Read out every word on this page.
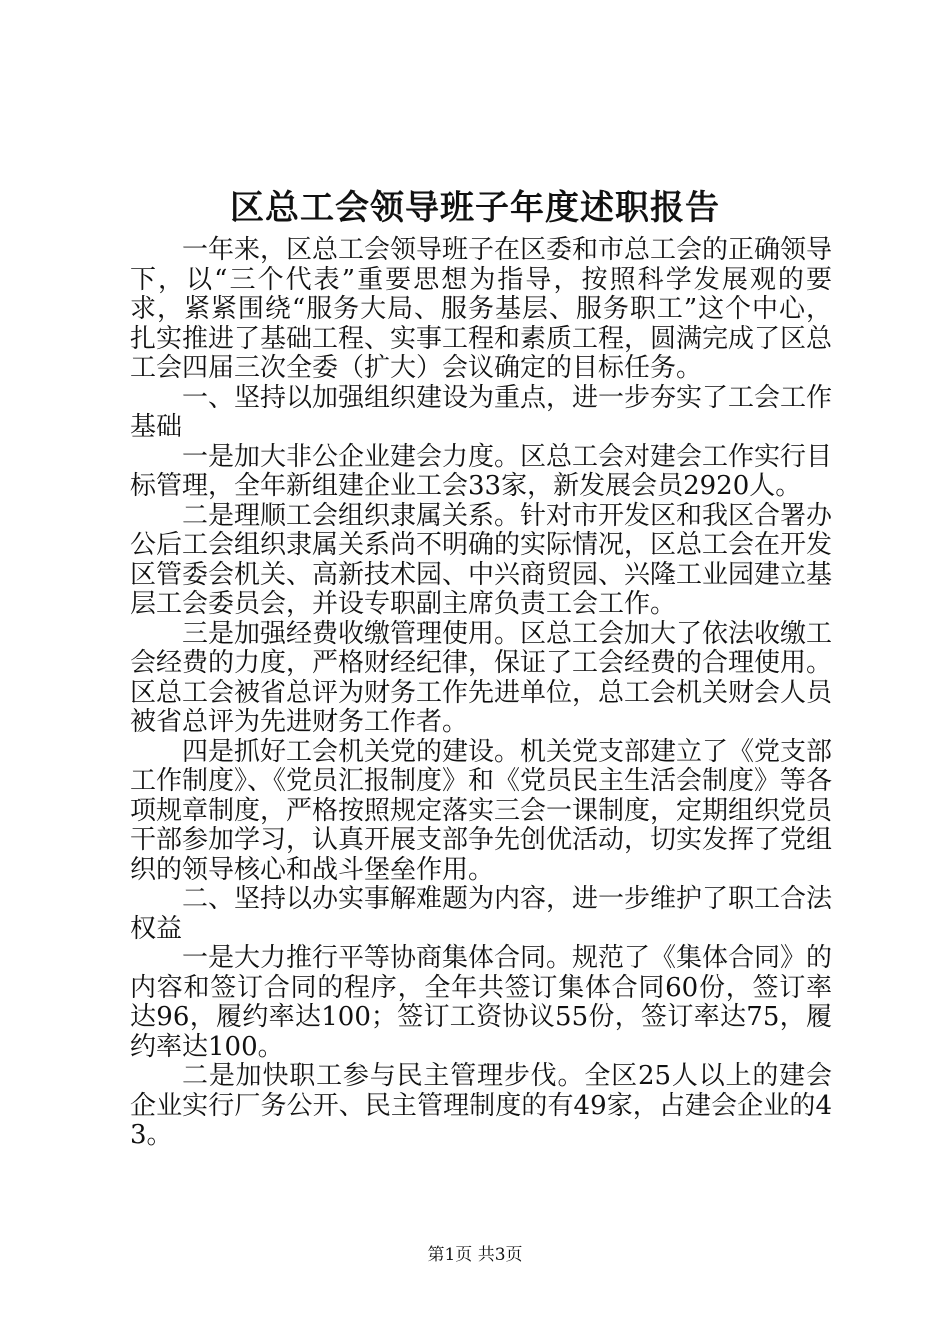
区总工会领导班子年度述职报告

一年来，区总工会领导班子在区委和市总工会的正确领导下，以“三个代表”重要思想为指导，按照科学发展观的要求，紧紧围绕“服务大局、服务基层、服务职工”这个中心，扎实推进了基础工程、实事工程和素质工程，圆满完成了区总工会四届三次全委（扩大）会议确定的目标任务。

一、坚持以加强组织建设为重点，进一步夯实了工会工作基础

一是加大非公企业建会力度。区总工会对建会工作实行目标管理，全年新组建企业工会33家，新发展会员2920人。

二是理顺工会组织隶属关系。针对市开发区和我区合署办公后工会组织隶属关系尚不明确的实际情况，区总工会在开发区管委会机关、高新技术园、中兴商贸园、兴隆工业园建立基层工会委员会，并设专职副主席负责工会工作。

三是加强经费收缴管理使用。区总工会加大了依法收缴工会经费的力度，严格财经纪律，保证了工会经费的合理使用。区总工会被省总评为财务工作先进单位，总工会机关财会人员被省总评为先进财务工作者。

四是抓好工会机关党的建设。机关党支部建立了《党支部工作制度》、《党员汇报制度》和《党员民主生活会制度》等各项规章制度，严格按照规定落实三会一课制度，定期组织党员干部参加学习，认真开展支部争先创优活动，切实发挥了党组织的领导核心和战斗堡垒作用。

二、坚持以办实事解难题为内容，进一步维护了职工合法权益

一是大力推行平等协商集体合同。规范了《集体合同》的内容和签订合同的程序，全年共签订集体合同60份，签订率达96，履约率达100；签订工资协议55份，签订率达75，履约率达100。

二是加快职工参与民主管理步伐。全区25人以上的建会企业实行厂务公开、民主管理制度的有49家，占建会企业的43。

第1页 共3页
